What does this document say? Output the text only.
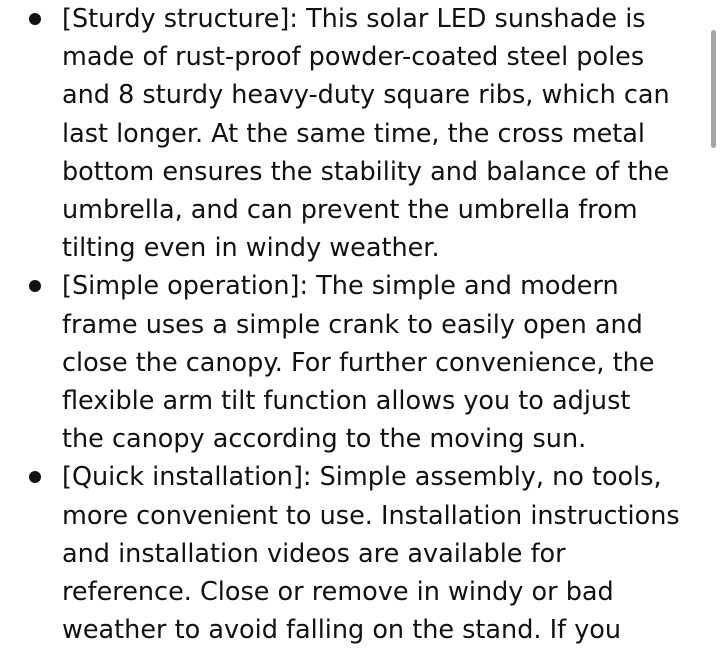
[Sturdy structure]: This solar LED sunshade is
made of rust-proof powder-coated steel poles
and 8 sturdy heavy-duty square ribs, which can
last longer. At the same time, the cross metal
bottom ensures the stability and balance of the
umbrella, and can prevent the umbrella from
tilting even in windy weather.
[Simple operation]: The simple and modern
frame uses a simple crank to easily open and
close the canopy. For further convenience, the
flexible arm tilt function allows you to adjust
the canopy according to the moving sun.
[Quick installation]: Simple assembly, no tools,
more convenient to use. Installation instructions
and installation videos are available for
reference. Close or remove in windy or bad
weather to avoid falling on the stand. If you
